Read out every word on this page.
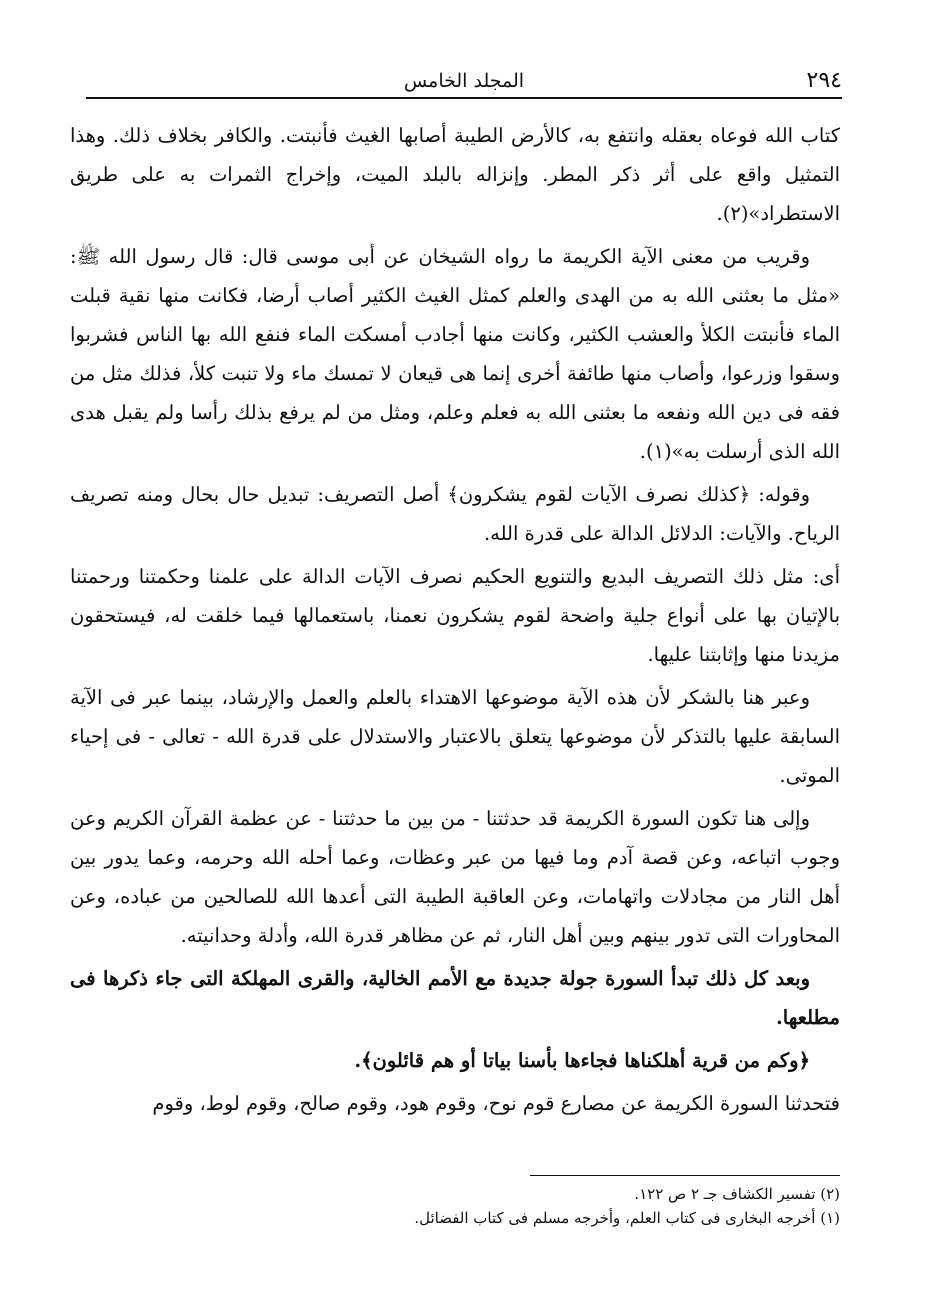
٢٩٤
المجلد الخامس

كتاب الله فوعاه بعقله وانتفع به، كالأرض الطيبة أصابها الغيث فأنبتت. والكافر بخلاف ذلك. وهذا التمثيل واقع على أثر ذكر المطر. وإنزاله بالبلد الميت، وإخراج الثمرات به على طريق الاستطراد»(٢).

وقريب من معنى الآية الكريمة ما رواه الشيخان عن أبى موسى قال: قال رسول الله ﷺ: «مثل ما بعثنى الله به من الهدى والعلم كمثل الغيث الكثير أصاب أرضا، فكانت منها نقية قبلت الماء فأنبتت الكلأ والعشب الكثير، وكانت منها أجادب أمسكت الماء فنفع الله بها الناس فشربوا وسقوا وزرعوا، وأصاب منها طائفة أخرى إنما هى قيعان لا تمسك ماء ولا تنبت كلأ، فذلك مثل من فقه فى دين الله ونفعه ما بعثنى الله به فعلم وعلم، ومثل من لم يرفع بذلك رأسا ولم يقبل هدى الله الذى أرسلت به»(١).

وقوله: ﴿كذلك نصرف الآيات لقوم يشكرون﴾ أصل التصريف: تبديل حال بحال ومنه تصريف الرياح. والآيات: الدلائل الدالة على قدرة الله.

أى: مثل ذلك التصريف البديع والتنويع الحكيم نصرف الآيات الدالة على علمنا وحكمتنا ورحمتنا بالإتيان بها على أنواع جلية واضحة لقوم يشكرون نعمنا، باستعمالها فيما خلقت له، فيستحقون مزيدنا منها وإثابتنا عليها.

وعبر هنا بالشكر لأن هذه الآية موضوعها الاهتداء بالعلم والعمل والإرشاد، بينما عبر فى الآية السابقة عليها بالتذكر لأن موضوعها يتعلق بالاعتبار والاستدلال على قدرة الله - تعالى - فى إحياء الموتى.

وإلى هنا تكون السورة الكريمة قد حدثتنا - من بين ما حدثتنا - عن عظمة القرآن الكريم وعن وجوب اتباعه، وعن قصة آدم وما فيها من عبر وعظات، وعما أحله الله وحرمه، وعما يدور بين أهل النار من مجادلات واتهامات، وعن العاقبة الطيبة التى أعدها الله للصالحين من عباده، وعن المحاورات التى تدور بينهم وبين أهل النار، ثم عن مظاهر قدرة الله، وأدلة وحدانيته.

وبعد كل ذلك تبدأ السورة جولة جديدة مع الأمم الخالية، والقرى المهلكة التى جاء ذكرها فى مطلعها.

﴿وكم من قرية أهلكناها فجاءها بأسنا بياتا أو هم قائلون﴾.

فتحدثنا السورة الكريمة عن مصارع قوم نوح، وقوم هود، وقوم صالح، وقوم لوط، وقوم

(٢) تفسير الكشاف جـ ٢ ص ١٢٢.

(١) أخرجه البخارى فى كتاب العلم، وأخرجه مسلم فى كتاب الفضائل.
